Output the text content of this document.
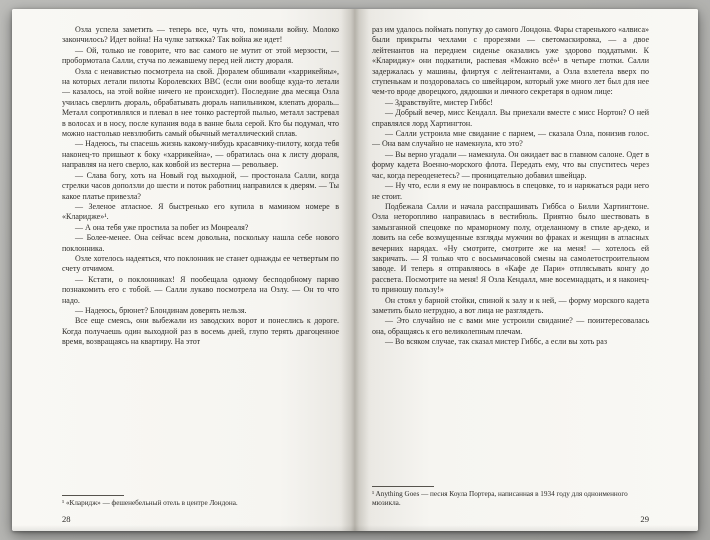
Озла успела заметить — теперь все, чуть что, поминали войну. Молоко закончилось? Идет война! На чулке затяжка? Так война же идет!

— Ой, только не говорите, что вас самого не мутит от этой мерзости, — пробормотала Салли, стуча по лежавшему перед ней листу дюраля.

Озла с ненавистью посмотрела на свой. Дюралем обшивали «харрикейны», на которых летали пилоты Королевских ВВС (если они вообще куда-то летали — казалось, на этой войне ничего не происходит). Последние два месяца Озла училась сверлить дюраль, обрабатывать дюраль напильником, клепать дюраль... Металл сопротивлялся и плевал в нее тонко растертой пылью, металл застревал в волосах и в носу, после купания вода в ванне была серой. Кто бы подумал, что можно настолько невзлюбить самый обычный металлический сплав.

— Надеюсь, ты спасешь жизнь какому-нибудь красавчику-пилоту, когда тебя наконец-то пришьют к боку «харрикейна», — обратилась она к листу дюраля, направляя на него сверло, как ковбой из вестерна — револьвер.

— Слава богу, хоть на Новый год выходной, — простонала Салли, когда стрелки часов доползли до шести и поток работниц направился к дверям. — Ты какое платье привезла?

— Зеленое атласное. Я быстренько его купила в мамином номере в «Кларидже»¹.

— А она тебя уже простила за побег из Монреаля?

— Более-менее. Она сейчас всем довольна, поскольку нашла себе нового поклонника.

Озле хотелось надеяться, что поклонник не станет однажды ее четвертым по счету отчимом.

— Кстати, о поклонниках! Я пообещала одному бесподобному парню познакомить его с тобой. — Салли лукаво посмотрела на Озлу. — Он то что надо.

— Надеюсь, брюнет? Блондинам доверять нельзя.

Все еще смеясь, они выбежали из заводских ворот и понеслись к дороге. Когда получаешь один выходной раз в восемь дней, глупо терять драгоценное время, возвращаясь на квартиру. На этот

¹ «Кларидж» — фешенебельный отель в центре Лондона.
28

раз им удалось поймать попутку до самого Лондона. Фары старенького «алвиса» были прикрыты чехлами с прорезями — светомаскировка, — а двое лейтенантов на переднем сиденье оказались уже здорово поддатыми. К «Клариджу» они подкатили, распевая «Можно всё»¹ в четыре глотки. Салли задержалась у машины, флиртуя с лейтенантами, а Озла взлетела вверх по ступенькам и поздоровалась со швейцаром, который уже много лет был для нее чем-то вроде дворецкого, дядюшки и личного секретаря в одном лице:

— Здравствуйте, мистер Гиббс!

— Добрый вечер, мисс Кендалл. Вы приехали вместе с мисс Нортон? О ней справлялся лорд Хартингтон.

— Салли устроила мне свидание с парнем, — сказала Озла, понизив голос. — Она вам случайно не намекнула, кто это?

— Вы верно угадали — намекнула. Он ожидает вас в главном салоне. Одет в форму кадета Военно-морского флота. Передать ему, что вы спуститесь через час, когда переоденетесь? — проницательно добавил швейцар.

— Ну что, если я ему не понравлюсь в спецовке, то и наряжаться ради него не стоит.

Подбежала Салли и начала расспрашивать Гиббса о Билли Хартингтоне. Озла неторопливо направилась в вестибюль. Приятно было шествовать в замызганной спецовке по мраморному полу, отделанному в стиле ар-деко, и ловить на себе возмущенные взгляды мужчин во фраках и женщин в атласных вечерних нарядах. «Ну смотрите, смотрите же на меня! — хотелось ей закричать. — Я только что с восьмичасовой смены на самолетостроительном заводе. И теперь я отправляюсь в «Кафе де Пари» отплясывать конгу до рассвета. Посмотрите на меня! Я Озла Кендалл, мне восемнадцать, и я наконец-то приношу пользу!»

Он стоял у барной стойки, спиной к залу и к ней, — форму морского кадета заметить было нетрудно, а вот лица не разглядеть.

— Это случайно не с вами мне устроили свидание? — поинтересовалась она, обращаясь к его великолепным плечам.

— Во всяком случае, так сказал мистер Гиббс, а если вы хоть раз

¹ Anything Goes — песня Коула Портера, написанная в 1934 году для одноименного мюзикла.
29
